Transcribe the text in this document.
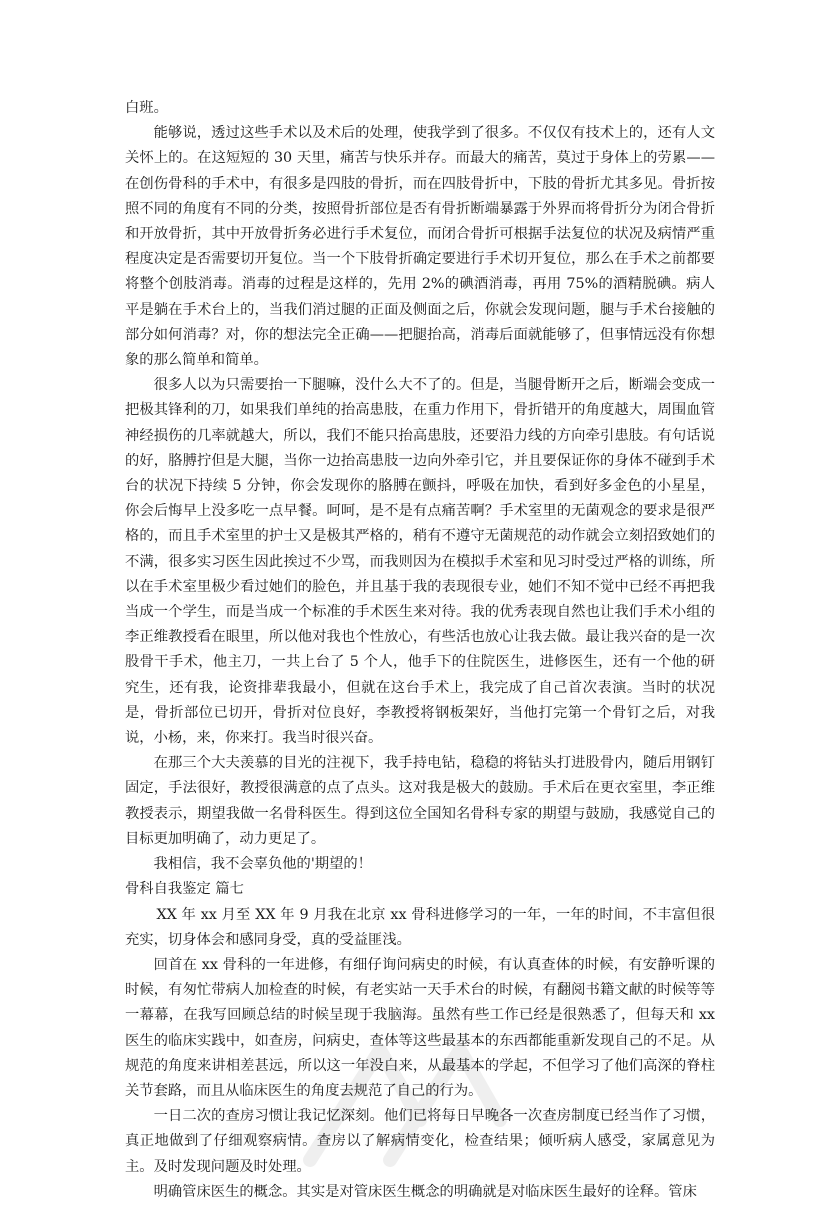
白班。

能够说，透过这些手术以及术后的处理，使我学到了很多。不仅仅有技术上的，还有人文关怀上的。在这短短的 30 天里，痛苦与快乐并存。而最大的痛苦，莫过于身体上的劳累——在创伤骨科的手术中，有很多是四肢的骨折，而在四肢骨折中，下肢的骨折尤其多见。骨折按照不同的角度有不同的分类，按照骨折部位是否有骨折断端暴露于外界而将骨折分为闭合骨折和开放骨折，其中开放骨折务必进行手术复位，而闭合骨折可根据手法复位的状况及病情严重程度决定是否需要切开复位。当一个下肢骨折确定要进行手术切开复位，那么在手术之前都要将整个创肢消毒。消毒的过程是这样的，先用 2%的碘酒消毒，再用 75%的酒精脱碘。病人平是躺在手术台上的，当我们消过腿的正面及侧面之后，你就会发现问题，腿与手术台接触的部分如何消毒？对，你的想法完全正确——把腿抬高，消毒后面就能够了，但事情远没有你想象的那么简单和简单。

很多人以为只需要抬一下腿嘛，没什么大不了的。但是，当腿骨断开之后，断端会变成一把极其锋利的刀，如果我们单纯的抬高患肢，在重力作用下，骨折错开的角度越大，周围血管神经损伤的几率就越大，所以，我们不能只抬高患肢，还要沿力线的方向牵引患肢。有句话说的好，胳膊拧但是大腿，当你一边抬高患肢一边向外牵引它，并且要保证你的身体不碰到手术台的状况下持续 5 分钟，你会发现你的胳膊在颤抖，呼吸在加快，看到好多金色的小星星，你会后悔早上没多吃一点早餐。呵呵，是不是有点痛苦啊？手术室里的无菌观念的要求是很严格的，而且手术室里的护士又是极其严格的，稍有不遵守无菌规范的动作就会立刻招致她们的不满，很多实习医生因此挨过不少骂，而我则因为在模拟手术室和见习时受过严格的训练，所以在手术室里极少看过她们的脸色，并且基于我的表现很专业，她们不知不觉中已经不再把我当成一个学生，而是当成一个标准的手术医生来对待。我的优秀表现自然也让我们手术小组的李正维教授看在眼里，所以他对我也个性放心，有些活也放心让我去做。最让我兴奋的是一次股骨干手术，他主刀，一共上台了 5 个人，他手下的住院医生，进修医生，还有一个他的研究生，还有我，论资排辈我最小，但就在这台手术上，我完成了自己首次表演。当时的状况是，骨折部位已切开，骨折对位良好，李教授将钢板架好，当他打完第一个骨钉之后，对我说，小杨，来，你来打。我当时很兴奋。

在那三个大夫羡慕的目光的注视下，我手持电钻，稳稳的将钻头打进股骨内，随后用钢钉固定，手法很好，教授很满意的点了点头。这对我是极大的鼓励。手术后在更衣室里，李正维教授表示，期望我做一名骨科医生。得到这位全国知名骨科专家的期望与鼓励，我感觉自己的目标更加明确了，动力更足了。

我相信，我不会辜负他的'期望的！

骨科自我鉴定 篇七

XX 年 xx 月至 XX 年 9 月我在北京 xx 骨科进修学习的一年，一年的时间，不丰富但很充实，切身体会和感同身受，真的受益匪浅。

回首在 xx 骨科的一年进修，有细仔询问病史的时候，有认真查体的时候，有安静听课的时候，有匆忙带病人加检查的时候，有老实站一天手术台的时候，有翻阅书籍文献的时候等等一幕幕，在我写回顾总结的时候呈现于我脑海。虽然有些工作已经是很熟悉了，但每天和 xx 医生的临床实践中，如查房，问病史，查体等这些最基本的东西都能重新发现自己的不足。从规范的角度来讲相差甚远，所以这一年没白来，从最基本的学起，不但学习了他们高深的脊柱关节套路，而且从临床医生的角度去规范了自己的行为。

一日二次的查房习惯让我记忆深刻。他们已将每日早晚各一次查房制度已经当作了习惯，真正地做到了仔细观察病情。查房以了解病情变化，检查结果；倾听病人感受，家属意见为主。及时发现问题及时处理。

明确管床医生的概念。其实是对管床医生概念的明确就是对临床医生最好的诠释。管床
